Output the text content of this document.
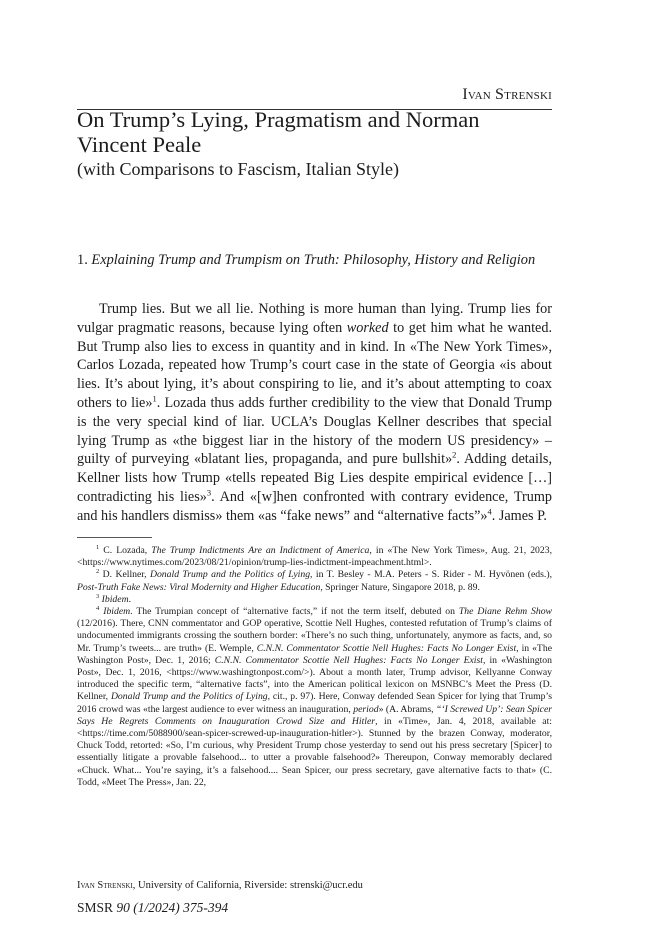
Ivan Strenski
On Trump’s Lying, Pragmatism and Norman Vincent Peale
(with Comparisons to Fascism, Italian Style)
1. Explaining Trump and Trumpism on Truth: Philosophy, History and Religion

Trump lies. But we all lie. Nothing is more human than lying. Trump lies for vulgar pragmatic reasons, because lying often worked to get him what he wanted. But Trump also lies to excess in quantity and in kind. In «The New York Times», Carlos Lozada, repeated how Trump’s court case in the state of Georgia «is about lies. It’s about lying, it’s about conspiring to lie, and it’s about attempting to coax others to lie»$^1$. Lozada thus adds further credibility to the view that Donald Trump is the very special kind of liar. UCLA’s Douglas Kellner describes that special lying Trump as «the biggest liar in the history of the modern US presidency» – guilty of purveying «blatant lies, propaganda, and pure bullshit»$^2$. Adding details, Kellner lists how Trump «tells repeated Big Lies despite empirical evidence […] contradicting his lies»$^3$. And «[w]hen confronted with contrary evidence, Trump and his handlers dismiss» them «as “fake news” and “alternative facts”»$^4$. James P.

$^1$ C. Lozada, The Trump Indictments Are an Indictment of America, in «The New York Times», Aug. 21, 2023, <https://www.nytimes.com/2023/08/21/opinion/trump-lies-indictment-impeachment.html>.

$^2$ D. Kellner, Donald Trump and the Politics of Lying, in T. Besley - M.A. Peters - S. Rider - M. Hyvönen (eds.), Post-Truth Fake News: Viral Modernity and Higher Education, Springer Nature, Singapore 2018, p. 89.

$^3$ Ibidem.

$^4$ Ibidem. The Trumpian concept of “alternative facts,” if not the term itself, debuted on The Diane Rehm Show (12/2016). There, CNN commentator and GOP operative, Scottie Nell Hughes, contested refutation of Trump’s claims of undocumented immigrants crossing the southern border: «There’s no such thing, unfortunately, anymore as facts, and, so Mr. Trump’s tweets... are truth» (E. Wemple, C.N.N. Commentator Scottie Nell Hughes: Facts No Longer Exist, in «The Washington Post», Dec. 1, 2016; C.N.N. Commentator Scottie Nell Hughes: Facts No Longer Exist, in «Washington Post», Dec. 1, 2016, <https://www.washingtonpost.com/>). About a month later, Trump advisor, Kellyanne Conway introduced the specific term, “alternative facts”, into the American political lexicon on MSNBC’s Meet the Press (D. Kellner, Donald Trump and the Politics of Lying, cit., p. 97). Here, Conway defended Sean Spicer for lying that Trump’s 2016 crowd was «the largest audience to ever witness an inauguration, period» (A. Abrams, “‘I Screwed Up’: Sean Spicer Says He Regrets Comments on Inauguration Crowd Size and Hitler, in «Time», Jan. 4, 2018, available at: <https://time.com/5088900/sean-spicer-screwed-up-inauguration-hitler>). Stunned by the brazen Conway, moderator, Chuck Todd, retorted: «So, I’m curious, why President Trump chose yesterday to send out his press secretary [Spicer] to essentially litigate a provable falsehood... to utter a provable falsehood?» Thereupon, Conway memorably declared «Chuck. What... You’re saying, it’s a falsehood.... Sean Spicer, our press secretary, gave alternative facts to that» (C. Todd, «Meet The Press», Jan. 22,

Ivan Strenski, University of California, Riverside: strenski@ucr.edu
SMSR 90 (1/2024) 375-394
